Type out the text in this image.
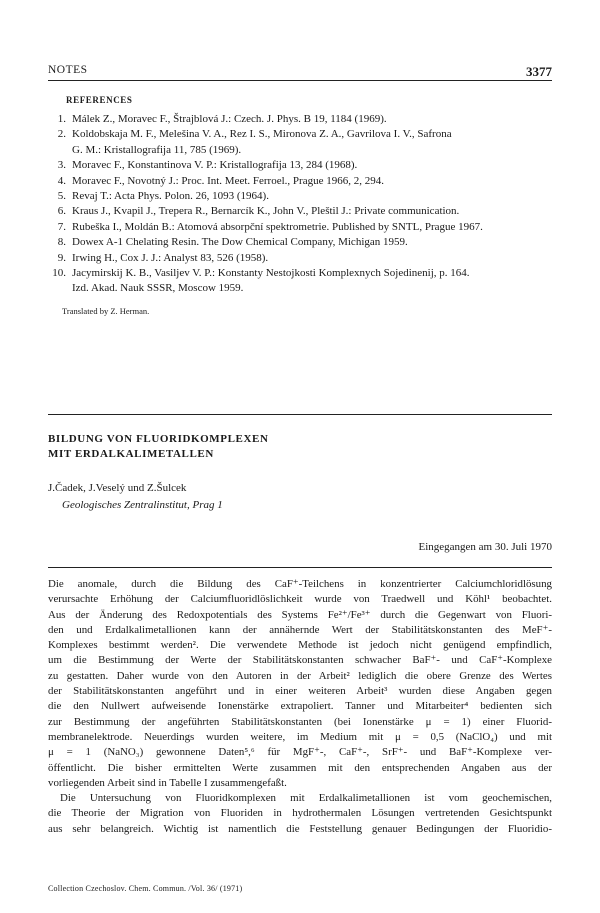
NOTES	3377
REFERENCES
1. Málek Z., Moravec F., Štrajblová J.: Czech. J. Phys. B 19, 1184 (1969).
2. Koldobskaja M. F., Melešina V. A., Rez I. S., Mironova Z. A., Gavrilova I. V., Safrona
G. M.: Kristallografija 11, 785 (1969).
3. Moravec F., Konstantinova V. P.: Kristallografija 13, 284 (1968).
4. Moravec F., Novotný J.: Proc. Int. Meet. Ferroel., Prague 1966, 2, 294.
5. Revaj T.: Acta Phys. Polon. 26, 1093 (1964).
6. Kraus J., Kvapil J., Trepera R., Bernarcík K., John V., Pleštil J.: Private communication.
7. Rubeška I., Moldán B.: Atomová absorpční spektrometrie. Published by SNTL, Prague 1967.
8. Dowex A-1 Chelating Resin. The Dow Chemical Company, Michigan 1959.
9. Irwing H., Cox J. J.: Analyst 83, 526 (1958).
10. Jacymirskij K. B., Vasiljev V. P.: Konstanty Nestojkosti Komplexnych Sojedinenij, p. 164.
Izd. Akad. Nauk SSSR, Moscow 1959.
Translated by Z. Herman.
BILDUNG VON FLUORIDKOMPLEXEN
MIT ERDALKALIMETALLEN
J.Čadek, J.Veselý und Z.Šulcek
Geologisches Zentralinstitut, Prag 1
Eingegangen am 30. Juli 1970
Die anomale, durch die Bildung des CaF⁺-Teilchens in konzentrierter Calciumchloridlösung
verursachte Erhöhung der Calciumfluoridlöslichkeit wurde von Traedwell und Köhl¹ beobachtet.
Aus der Änderung des Redoxpotentials des Systems Fe²⁺/Fe³⁺ durch die Gegenwart von Fluori-
den und Erdalkalimetallionen kann der annähernde Wert der Stabilitätskonstanten des MeF⁺-
Komplexes bestimmt werden². Die verwendete Methode ist jedoch nicht genügend empfindlich,
um die Bestimmung der Werte der Stabilitätskonstanten schwacher BaF⁺- und CaF⁺-Komplexe
zu gestatten. Daher wurde von den Autoren in der Arbeit² lediglich die obere Grenze des Wertes
der Stabilitätskonstanten angeführt und in einer weiteren Arbeit³ wurden diese Angaben gegen
die den Nullwert aufweisende Ionenstärke extrapoliert. Tanner und Mitarbeiter⁴ bedienten sich
zur Bestimmung der angeführten Stabilitätskonstanten (bei Ionenstärke μ = 1) einer Fluorid-
membranelektrode. Neuerdings wurden weitere, im Medium mit μ = 0,5 (NaClO₄) und mit
μ = 1 (NaNO₃) gewonnene Daten⁵,⁶ für MgF⁺-, CaF⁺-, SrF⁺- und BaF⁺-Komplexe ver-
öffentlicht. Die bisher ermittelten Werte zusammen mit den entsprechenden Angaben aus der
vorliegenden Arbeit sind in Tabelle I zusammengefaßt.
Die Untersuchung von Fluoridkomplexen mit Erdalkalimetallionen ist vom geochemischen,
die Theorie der Migration von Fluoriden in hydrothermalen Lösungen vertretenden Gesichtspunkt
aus sehr belangreich. Wichtig ist namentlich die Feststellung genauer Bedingungen der Fluoridio-
Collection Czechoslov. Chem. Commun. /Vol. 36/ (1971)
